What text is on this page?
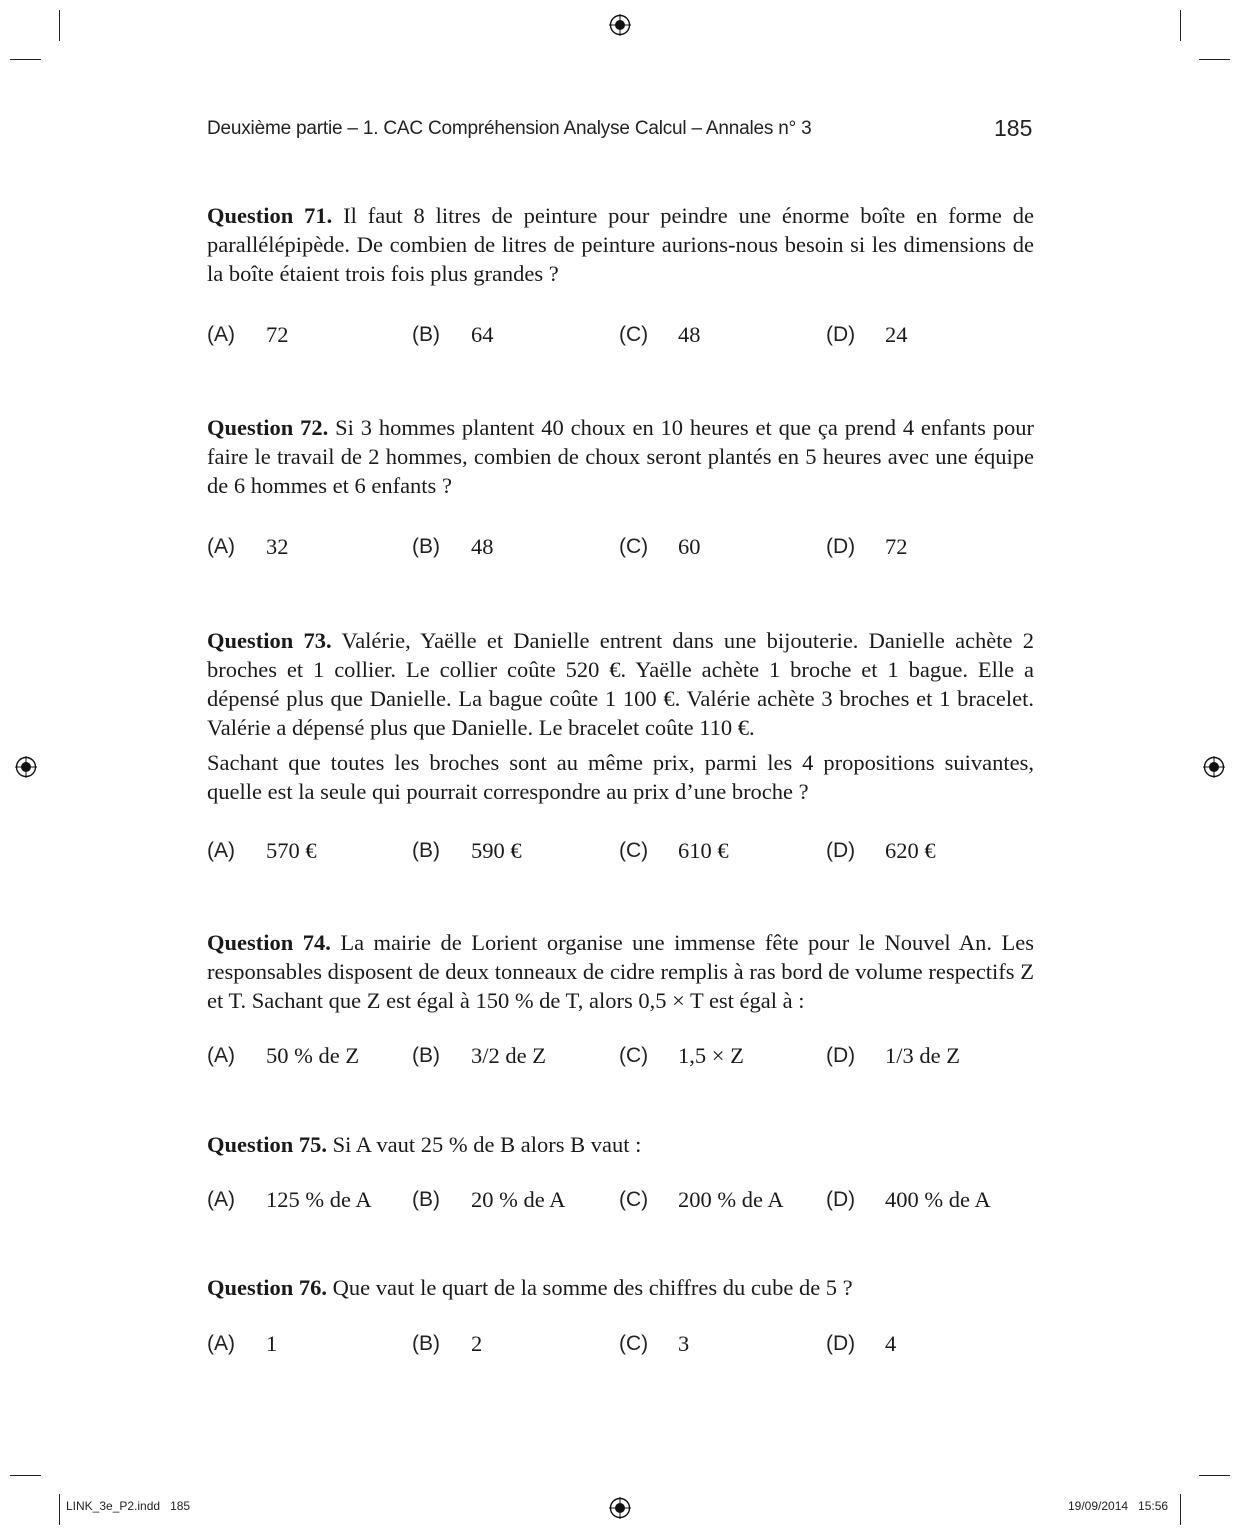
Deuxième partie – 1. CAC Compréhension Analyse Calcul – Annales n° 3	185

Question 71. Il faut 8 litres de peinture pour peindre une énorme boîte en forme de parallélépipède. De combien de litres de peinture aurions-nous besoin si les dimensions de la boîte étaient trois fois plus grandes ?

(A) 72	(B) 64	(C) 48	(D) 24

Question 72. Si 3 hommes plantent 40 choux en 10 heures et que ça prend 4 enfants pour faire le travail de 2 hommes, combien de choux seront plantés en 5 heures avec une équipe de 6 hommes et 6 enfants ?

(A) 32	(B) 48	(C) 60	(D) 72

Question 73. Valérie, Yaëlle et Danielle entrent dans une bijouterie. Danielle achète 2 broches et 1 collier. Le collier coûte 520 €. Yaëlle achète 1 broche et 1 bague. Elle a dépensé plus que Danielle. La bague coûte 1 100 €. Valérie achète 3 broches et 1 bracelet. Valérie a dépensé plus que Danielle. Le bracelet coûte 110 €.

Sachant que toutes les broches sont au même prix, parmi les 4 propositions suivantes, quelle est la seule qui pourrait correspondre au prix d’une broche ?

(A) 570 €	(B) 590 €	(C) 610 €	(D) 620 €

Question 74. La mairie de Lorient organise une immense fête pour le Nouvel An. Les responsables disposent de deux tonneaux de cidre remplis à ras bord de volume respectifs Z et T. Sachant que Z est égal à 150 % de T, alors 0,5 × T est égal à :

(A) 50 % de Z	(B) 3/2 de Z	(C) 1,5 × Z	(D) 1/3 de Z

Question 75. Si A vaut 25 % de B alors B vaut :

(A) 125 % de A (B) 20 % de A	(C) 200 % de A (D) 400 % de A

Question 76. Que vaut le quart de la somme des chiffres du cube de 5 ?

(A) 1	(B) 2	(C) 3	(D) 4
LINK_3e_P2.indd   185	19/09/2014   15:56
